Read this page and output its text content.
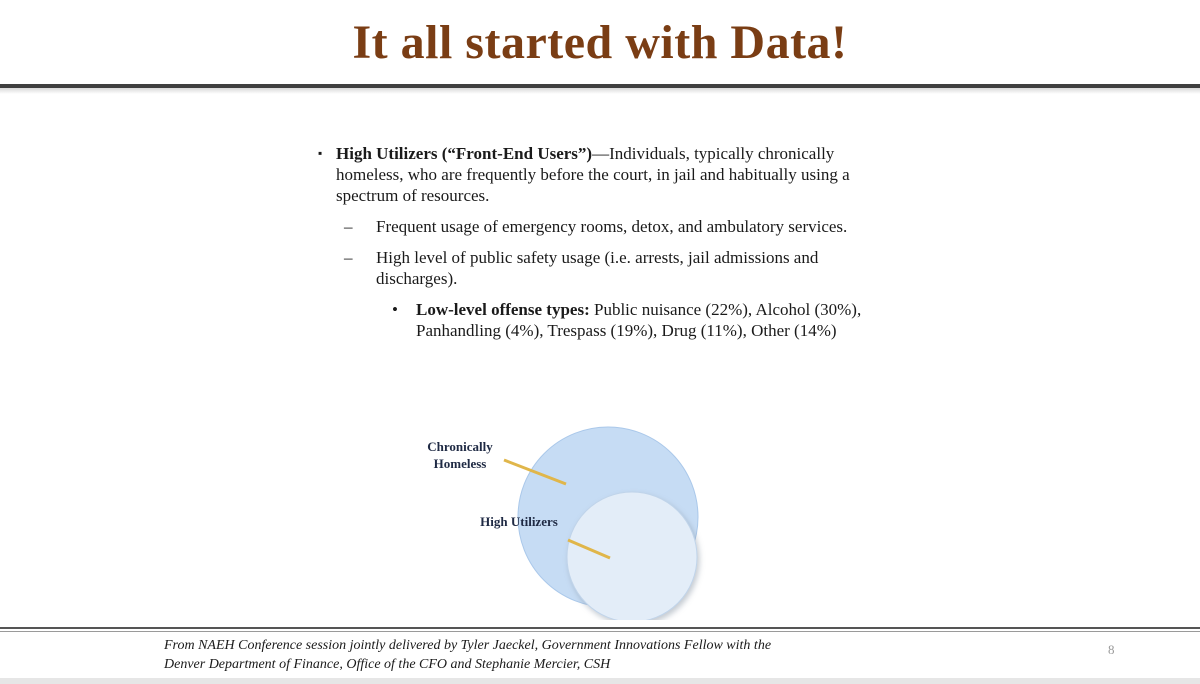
It all started with Data!
▪ High Utilizers (“Front-End Users”)—Individuals, typically chronically homeless, who are frequently before the court, in jail and habitually using a spectrum of resources.
– Frequent usage of emergency rooms, detox, and ambulatory services.
– High level of public safety usage (i.e. arrests, jail admissions and discharges).
• Low-level offense types: Public nuisance (22%), Alcohol (30%), Panhandling (4%), Trespass (19%), Drug (11%), Other (14%)
Chronically
Homeless
High Utilizers
From NAEH Conference session jointly delivered by Tyler Jaeckel, Government Innovations Fellow with the
Denver Department of Finance, Office of the CFO and Stephanie Mercier, CSH
8
